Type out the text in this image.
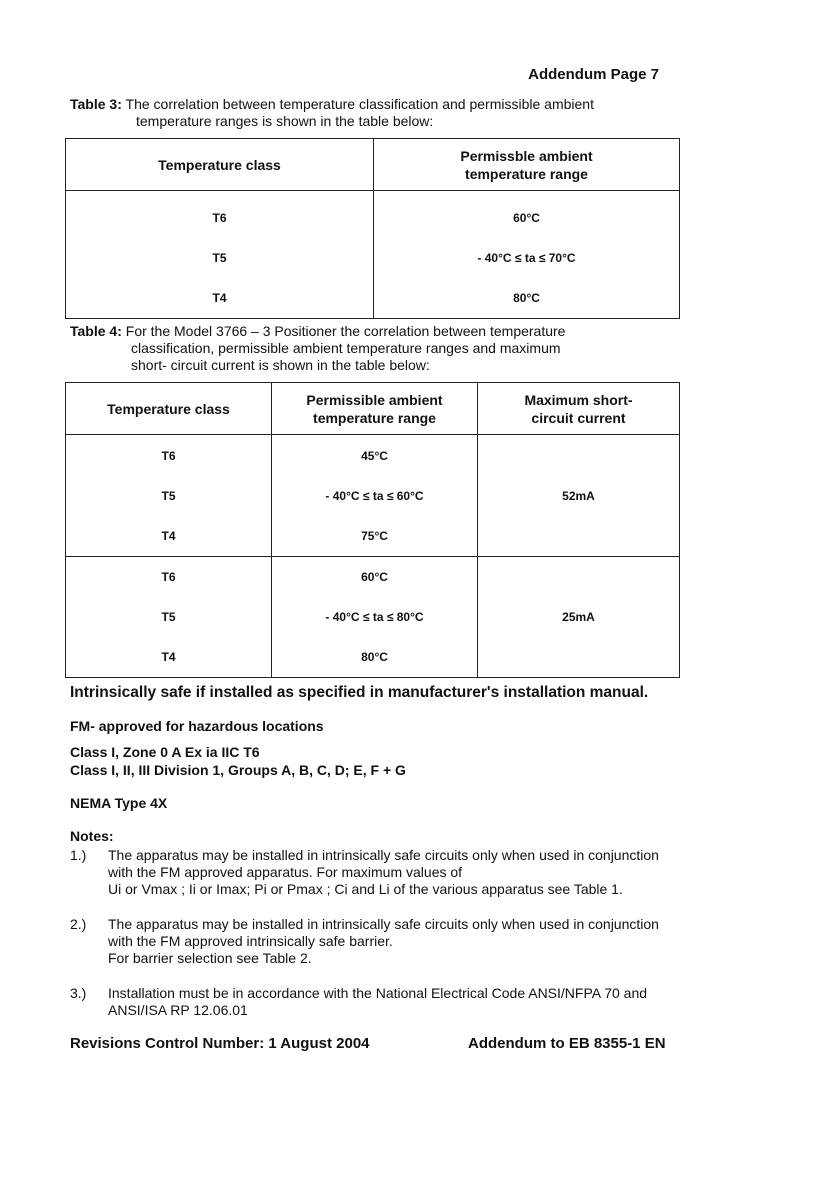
Addendum Page 7
Table 3: The correlation between temperature classification and permissible ambient
temperature ranges is shown in the table below:
Temperature class	Permissble ambient
temperature range
T6	60°C
T5	- 40°C ≤ ta ≤ 70°C
T4	80°C
Table 4: For the Model 3766 – 3 Positioner the correlation between temperature
classification, permissible ambient temperature ranges and maximum
short- circuit current is shown in the table below:
Temperature class	Permissible ambient
temperature range	Maximum short-
circuit current
T6	45°C	52mA
T5	- 40°C ≤ ta ≤ 60°C	
T4	75°C	
T6	60°C	25mA
T5	- 40°C ≤ ta ≤ 80°C	
T4	80°C	
Intrinsically safe if installed as specified in manufacturer's installation manual.
FM- approved for hazardous locations
Class I, Zone 0 A Ex ia IIC T6
Class I, II, III Division 1, Groups A, B, C, D; E, F + G
NEMA Type 4X
Notes:
1.) The apparatus may be installed in intrinsically safe circuits only when used in conjunction
with the FM approved apparatus. For maximum values of
Ui or Vmax ; Ii or Imax; Pi or Pmax ; Ci and Li of the various apparatus see Table 1.
2.) The apparatus may be installed in intrinsically safe circuits only when used in conjunction
with the FM approved intrinsically safe barrier.
For barrier selection see Table 2.
3.) Installation must be in accordance with the National Electrical Code ANSI/NFPA 70 and
ANSI/ISA RP 12.06.01
Revisions Control Number: 1 August 2004	Addendum to EB 8355-1 EN
